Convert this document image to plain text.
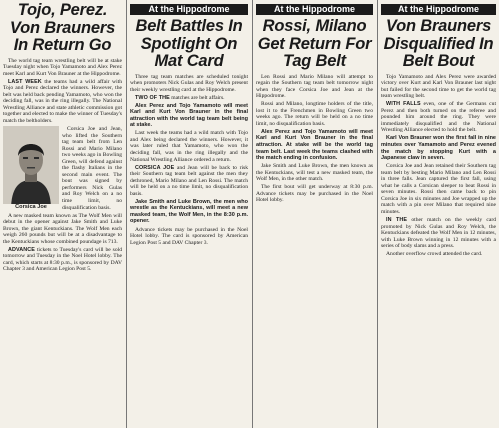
Tojo, Perez. Von Brauners In Return Go

The world tag team wrestling belt will be at stake Tuesday night when Tojo Yamamoto and Alex Perez meet Karl and Kurt Von Brauner at the Hippodrome.

LAST WEEK the teams had a wild affair with Tojo and Perez declared the winners. However, the belt was held back pending Yamamoto, who won the deciding fall, was in the ring illegally. The National Wrestling Alliance and state athletic commission got together and elected to make the winner of Tuesday's match the beltholders.

Corsica Joe

Corsica Joe and Jean, who lifted the Southern tag team belt from Len Rossi and Mario Milano two weeks ago in Bowling Green, will defend against the flashy Italians in the second main event. The bout was signed by performers Nick Gulas and Roy Welch on a no time limit, no disqualification basis.

A new masked team known as The Wolf Men will debut in the opener against Jake Smith and Luke Brown, the giant Kentuckians. The Wolf Men each weigh 260 pounds but will be at a disadvantage to the Kentuckians whose combined poundage is 713.

ADVANCE tickets to Tuesday's card will be sold tomorrow and Tuesday in the Noel Hotel lobby. The card, which starts at 8:30 p.m., is sponsored by DAV Chapter 3 and American Legion Post 5.

At the Hippodrome
Belt Battles In Spotlight On Mat Card

Three tag team matches are scheduled tonight when promoters Nick Gulas and Roy Welch present their weekly wrestling card at the Hippodrome.

TWO OF THE matches are belt affairs.

Alex Perez and Tojo Yamamoto will meet Karl and Kurt Von Brauner in the final attraction with the world tag team belt being at stake.

Last week the teams had a wild match with Tojo and Alex being declared the winners. However, it was later ruled that Yamamoto, who won the deciding fall, was in the ring illegally and the National Wrestling Alliance ordered a return.

CORSICA JOE and Jean will be back to risk their Southern tag team belt against the men they dethroned, Mario Milano and Len Rossi. The match will be held on a no time limit, no disqualification basis.

Jake Smith and Luke Brown, the men who wrestle as the Kentuckians, will meet a new masked team, the Wolf Men, in the 8:30 p.m. opener.

Advance tickets may be purchased in the Noel Hotel lobby. The card is sponsored by American Legion Post 5 and DAV Chapter 3.

At the Hippodrome
Rossi, Milano Get Return For Tag Belt

Len Rossi and Mario Milano will attempt to regain the Southern tag team belt tomorrow night when they face Corsica Joe and Jean at the Hippodrome.

Rossi and Milano, longtime holders of the title, lost it to the Frenchmen in Bowling Green two weeks ago. The return will be held on a no time limit, no disqualification basis.

Alex Perez and Tojo Yamamoto will meet Karl and Kurt Von Brauner in the final attraction. At stake will be the world tag team belt. Last week the teams clashed with the match ending in confusion.

Jake Smith and Luke Brown, the men known as the Kentuckians, will test a new masked team, the Wolf Men, in the other match.

The first bout will get underway at 8:30 p.m. Advance tickets may be purchased in the Noel Hotel lobby.

At the Hippodrome
Von Brauners Disqualified In Belt Bout

Tojo Yamamoto and Alex Perez were awarded victory over Kurt and Karl Von Brauner last night but failed for the second time to get the world tag team wrestling belt.

WITH FALLS even, one of the Germans cut Perez and then both turned on the referee and pounded him around the ring. They were immediately disqualified and the National Wrestling Alliance elected to hold the belt.

Karl Von Brauner won the first fall in nine minutes over Yamamoto and Perez evened the match by stopping Kurt with a Japanese claw in seven.

Corsica Joe and Jean retained their Southern tag team belt by besting Mario Milano and Len Rossi in three falls. Jean captured the first fall, using what he calls a Corsican sleeper to beat Rossi in seven minutes. Rossi then came back to pin Corsica Joe in six minutes and Joe wrapped up the match with a pin over Milano that required nine minutes.

IN THE other match on the weekly card promoted by Nick Gulas and Roy Welch, the Kentuckians defeated the Wolf Men in 12 minutes, with Luke Brown winning in 12 minutes with a series of body slams and a press.

Another overflow crowd attended the card.
